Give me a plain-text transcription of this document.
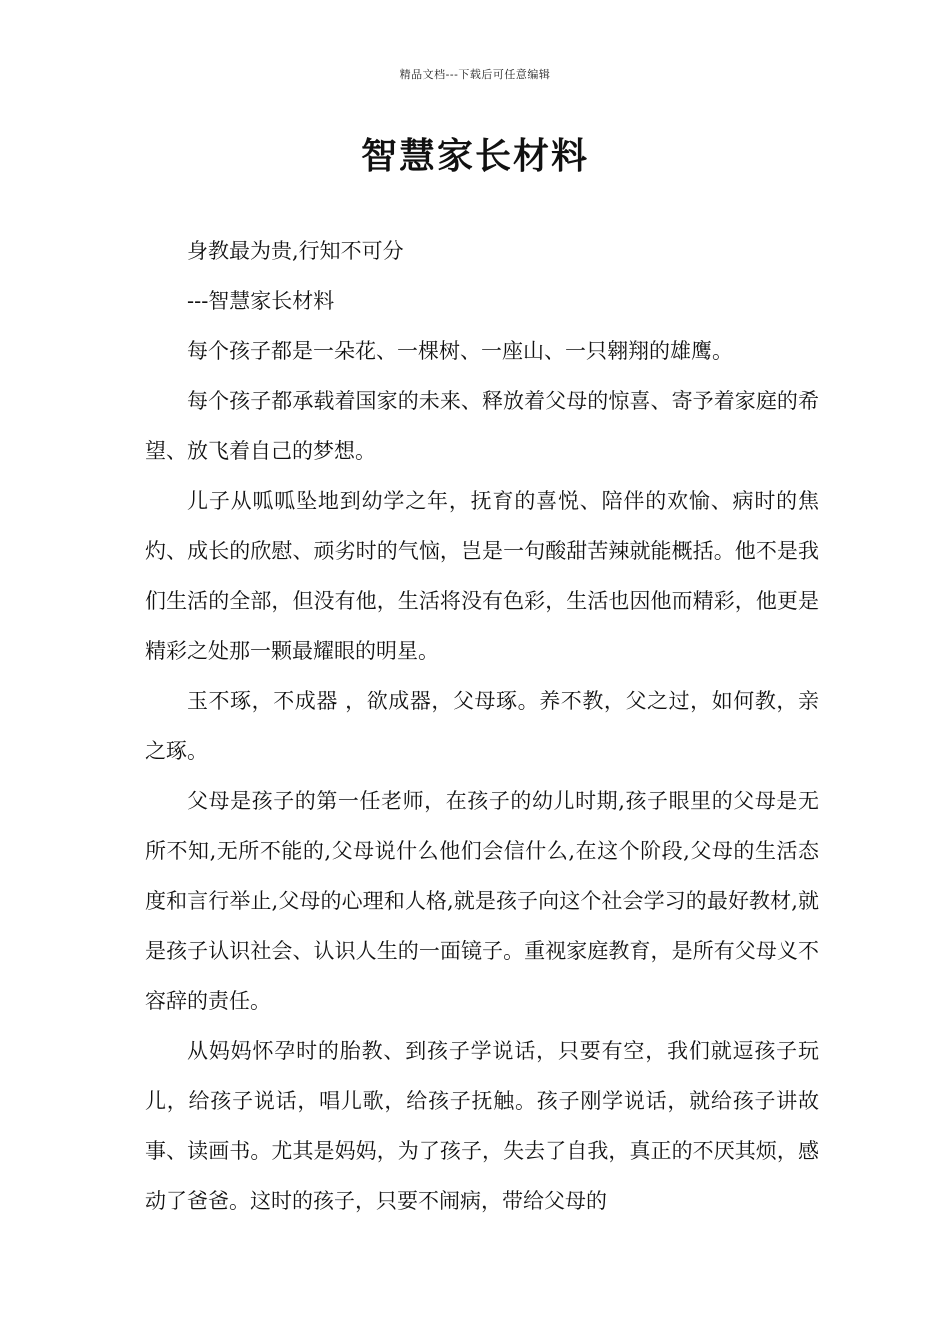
精品文档---下载后可任意编辑
智慧家长材料

身教最为贵,行知不可分

---智慧家长材料

每个孩子都是一朵花、一棵树、一座山、一只翱翔的雄鹰。

每个孩子都承载着国家的未来、释放着父母的惊喜、寄予着家庭的希望、放飞着自己的梦想。

儿子从呱呱坠地到幼学之年，抚育的喜悦、陪伴的欢愉、病时的焦灼、成长的欣慰、顽劣时的气恼，岂是一句酸甜苦辣就能概括。他不是我们生活的全部，但没有他，生活将没有色彩，生活也因他而精彩，他更是精彩之处那一颗最耀眼的明星。

玉不琢，不成器 ，欲成器，父母琢。养不教，父之过，如何教，亲之琢。

父母是孩子的第一任老师，在孩子的幼儿时期,孩子眼里的父母是无所不知,无所不能的,父母说什么他们会信什么,在这个阶段,父母的生活态度和言行举止,父母的心理和人格,就是孩子向这个社会学习的最好教材,就是孩子认识社会、认识人生的一面镜子。重视家庭教育，是所有父母义不容辞的责任。

从妈妈怀孕时的胎教、到孩子学说话，只要有空，我们就逗孩子玩儿，给孩子说话，唱儿歌，给孩子抚触。孩子刚学说话，就给孩子讲故事、读画书。尤其是妈妈，为了孩子，失去了自我，真正的不厌其烦，感动了爸爸。这时的孩子，只要不闹病，带给父母的
